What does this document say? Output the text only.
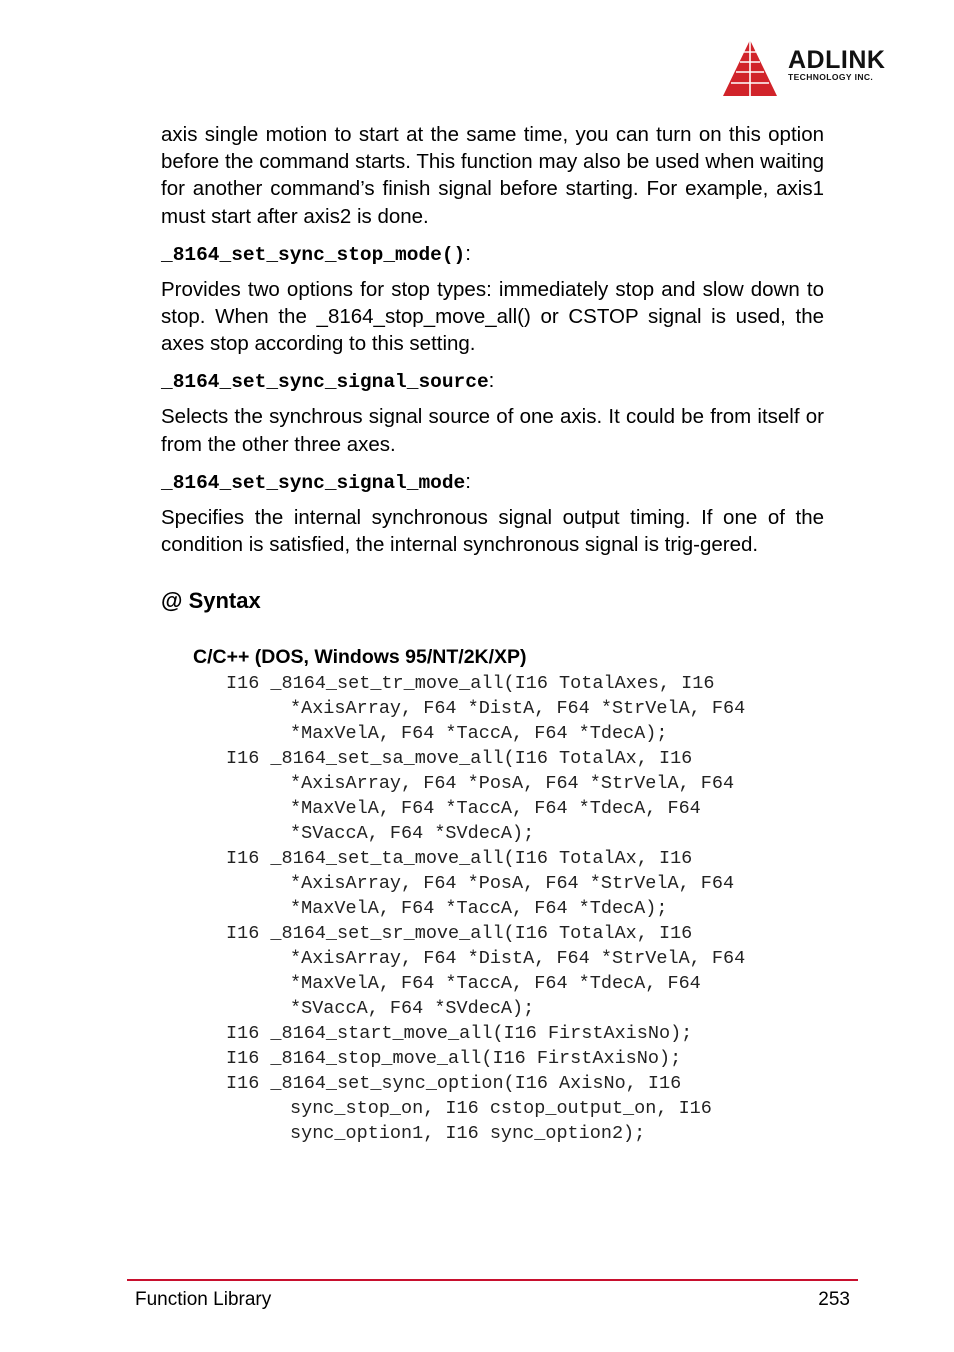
ADLINK
TECHNOLOGY INC.

axis single motion to start at the same time, you can turn on this option before the command starts. This function may also be used when waiting for another command’s finish signal before starting. For example, axis1 must start after axis2 is done.

_8164_set_sync_stop_mode():

Provides two options for stop types: immediately stop and slow down to stop. When the _8164_stop_move_all() or CSTOP signal is used, the axes stop according to this setting.

_8164_set_sync_signal_source:

Selects the synchrous signal source of one axis. It could be from itself or from the other three axes.

_8164_set_sync_signal_mode:

Specifies the internal synchronous signal output timing. If one of the condition is satisfied, the internal synchronous signal is trig-gered.

@ Syntax
C/C++ (DOS, Windows 95/NT/2K/XP)
I16 _8164_set_tr_move_all(I16 TotalAxes, I16
*AxisArray, F64 *DistA, F64 *StrVelA, F64
*MaxVelA, F64 *TaccA, F64 *TdecA);
I16 _8164_set_sa_move_all(I16 TotalAx, I16
*AxisArray, F64 *PosA, F64 *StrVelA, F64
*MaxVelA, F64 *TaccA, F64 *TdecA, F64
*SVaccA, F64 *SVdecA);
I16 _8164_set_ta_move_all(I16 TotalAx, I16
*AxisArray, F64 *PosA, F64 *StrVelA, F64
*MaxVelA, F64 *TaccA, F64 *TdecA);
I16 _8164_set_sr_move_all(I16 TotalAx, I16
*AxisArray, F64 *DistA, F64 *StrVelA, F64
*MaxVelA, F64 *TaccA, F64 *TdecA, F64
*SVaccA, F64 *SVdecA);
I16 _8164_start_move_all(I16 FirstAxisNo);
I16 _8164_stop_move_all(I16 FirstAxisNo);
I16 _8164_set_sync_option(I16 AxisNo, I16
sync_stop_on, I16 cstop_output_on, I16
sync_option1, I16 sync_option2);
Function Library	253
